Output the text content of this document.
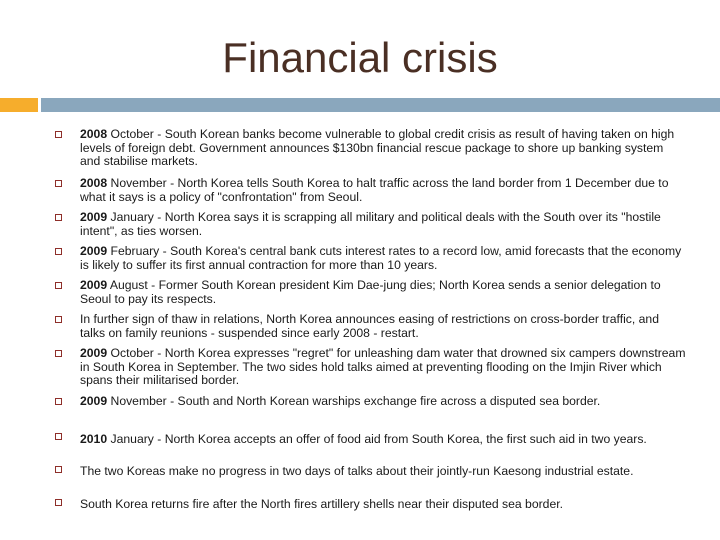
Financial crisis
2008 October - South Korean banks become vulnerable to global credit crisis as result of having taken on high levels of foreign debt. Government announces $130bn financial rescue package to shore up banking system and stabilise markets.
2008 November - North Korea tells South Korea to halt traffic across the land border from 1 December due to what it says is a policy of "confrontation" from Seoul.
2009 January - North Korea says it is scrapping all military and political deals with the South over its "hostile intent", as ties worsen.
2009 February - South Korea's central bank cuts interest rates to a record low, amid forecasts that the economy is likely to suffer its first annual contraction for more than 10 years.
2009 August - Former South Korean president Kim Dae-jung dies; North Korea sends a senior delegation to Seoul to pay its respects.
In further sign of thaw in relations, North Korea announces easing of restrictions on cross-border traffic, and talks on family reunions - suspended since early 2008 - restart.
2009 October - North Korea expresses "regret" for unleashing dam water that drowned six campers downstream in South Korea in September. The two sides hold talks aimed at preventing flooding on the Imjin River which spans their militarised border.
2009 November - South and North Korean warships exchange fire across a disputed sea border.
2010 January - North Korea accepts an offer of food aid from South Korea, the first such aid in two years.
The two Koreas make no progress in two days of talks about their jointly-run Kaesong industrial estate.
South Korea returns fire after the North fires artillery shells near their disputed sea border.
